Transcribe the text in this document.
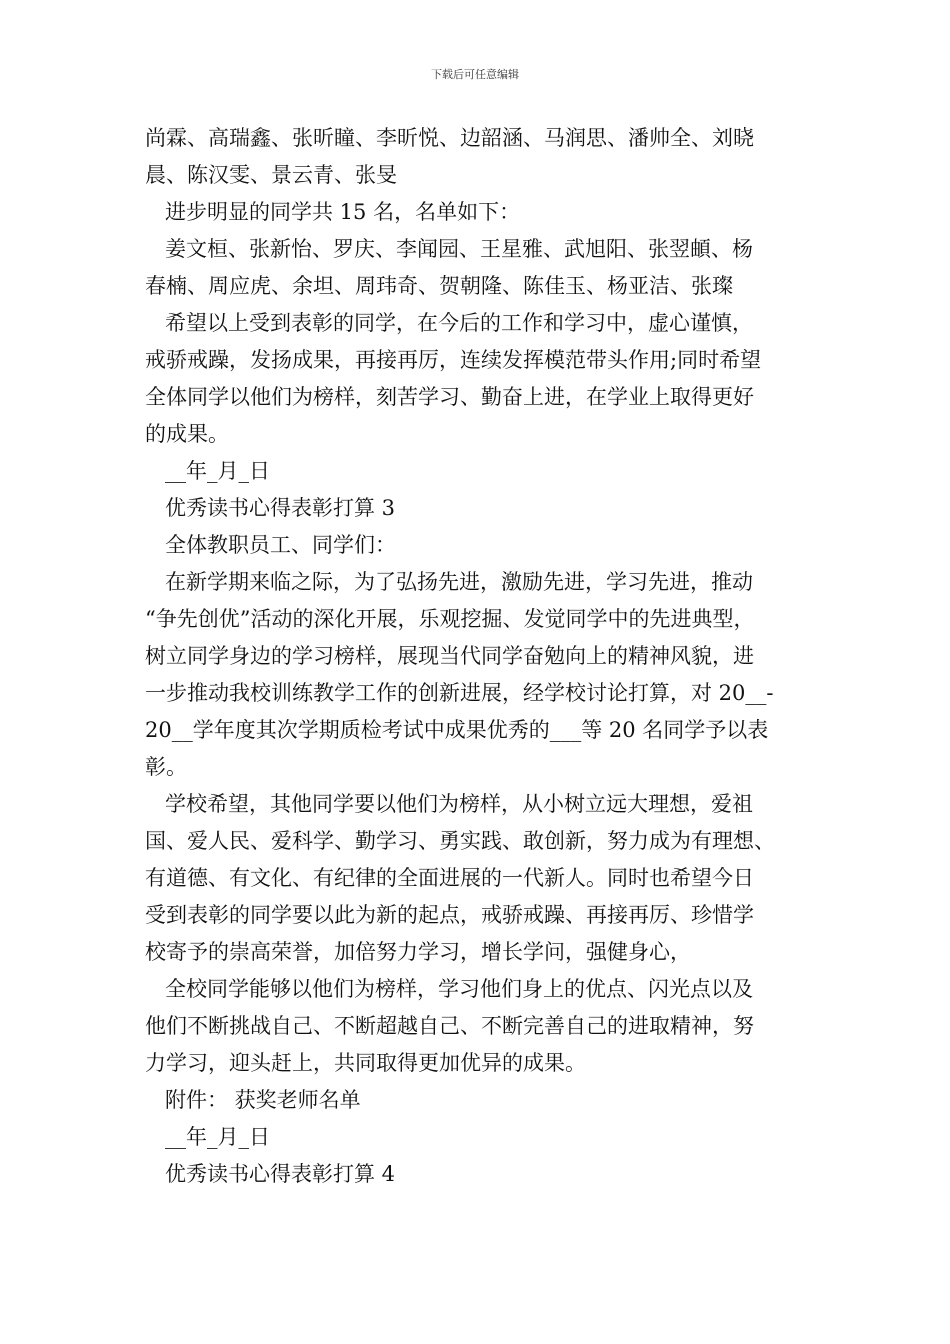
下载后可任意编辑
尚霖、高瑞鑫、张昕瞳、李昕悦、边韶涵、马润思、潘帅全、刘晓
晨、陈汉雯、景云青、张旻
进步明显的同学共 15 名，名单如下：
姜文桓、张新怡、罗庆、李闻园、王星雅、武旭阳、张翌頔、杨
春楠、周应虎、余坦、周玮奇、贺朝隆、陈佳玉、杨亚洁、张璨
希望以上受到表彰的同学，在今后的工作和学习中，虚心谨慎，
戒骄戒躁，发扬成果，再接再厉，连续发挥模范带头作用;同时希望
全体同学以他们为榜样，刻苦学习、勤奋上进，在学业上取得更好
的成果。
__年_月_日
优秀读书心得表彰打算 3
全体教职员工、同学们：
在新学期来临之际，为了弘扬先进，激励先进，学习先进，推动
“争先创优”活动的深化开展，乐观挖掘、发觉同学中的先进典型，
树立同学身边的学习榜样，展现当代同学奋勉向上的精神风貌，进
一步推动我校训练教学工作的创新进展，经学校讨论打算，对 20__-
20__学年度其次学期质检考试中成果优秀的___等 20 名同学予以表
彰。
学校希望，其他同学要以他们为榜样，从小树立远大理想，爱祖
国、爱人民、爱科学、勤学习、勇实践、敢创新，努力成为有理想、
有道德、有文化、有纪律的全面进展的一代新人。同时也希望今日
受到表彰的同学要以此为新的起点，戒骄戒躁、再接再厉、珍惜学
校寄予的崇高荣誉，加倍努力学习，增长学问，强健身心，
全校同学能够以他们为榜样，学习他们身上的优点、闪光点以及
他们不断挑战自己、不断超越自己、不断完善自己的进取精神，努
力学习，迎头赶上，共同取得更加优异的成果。
附件： 获奖老师名单
__年_月_日
优秀读书心得表彰打算 4
